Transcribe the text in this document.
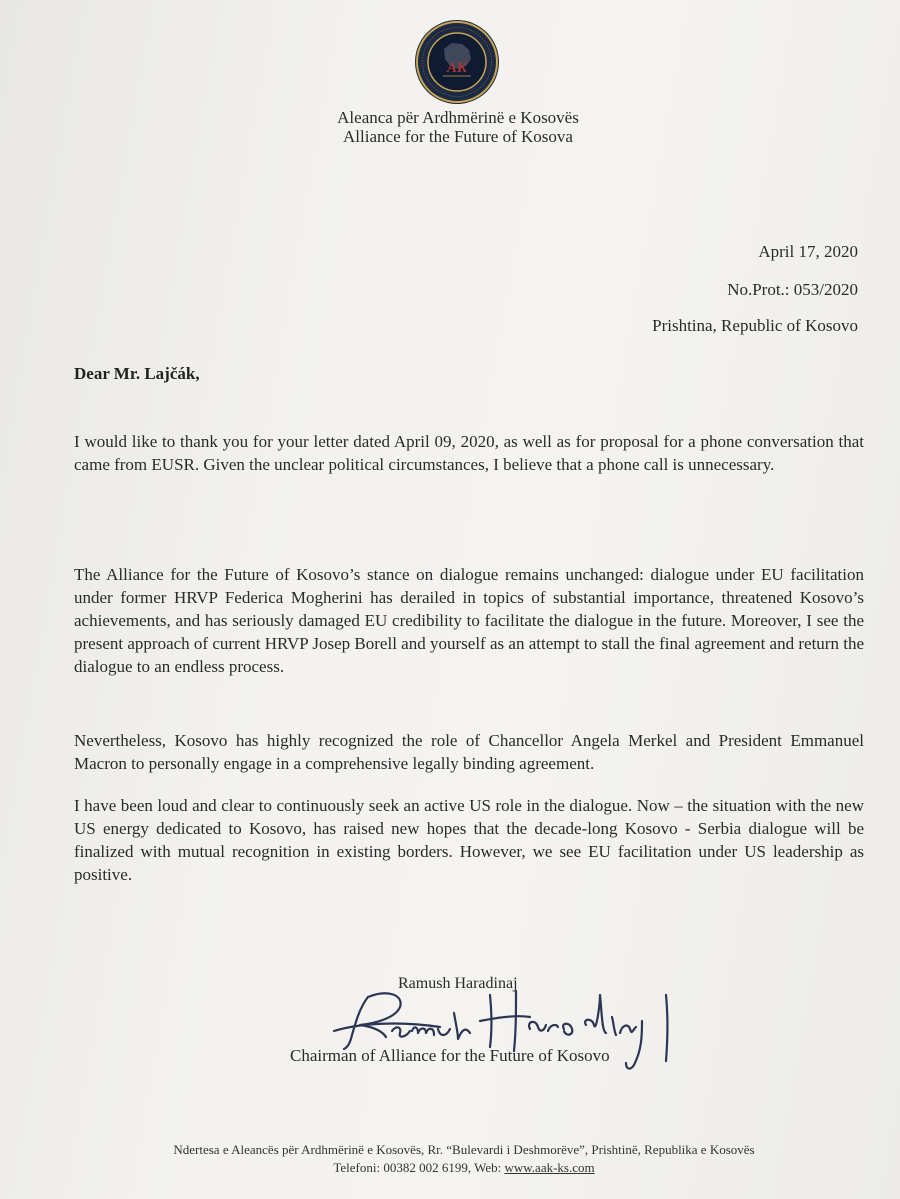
AK
Aleanca për Ardhmërinë e Kosovës
Alliance for the Future of Kosova
April 17, 2020
No.Prot.: 053/2020
Prishtina, Republic of Kosovo
Dear Mr. Lajčák,
I would like to thank you for your letter dated April 09, 2020, as well as for proposal for a phone conversation that came from EUSR. Given the unclear political circumstances, I believe that a phone call is unnecessary.
The Alliance for the Future of Kosovo’s stance on dialogue remains unchanged: dialogue under EU facilitation under former HRVP Federica Mogherini has derailed in topics of substantial importance, threatened Kosovo’s achievements, and has seriously damaged EU credibility to facilitate the dialogue in the future. Moreover, I see the present approach of current HRVP Josep Borell and yourself as an attempt to stall the final agreement and return the dialogue to an endless process.
Nevertheless, Kosovo has highly recognized the role of Chancellor Angela Merkel and President Emmanuel Macron to personally engage in a comprehensive legally binding agreement.
I have been loud and clear to continuously seek an active US role in the dialogue. Now – the situation with the new US energy dedicated to Kosovo, has raised new hopes that the decade-long Kosovo - Serbia dialogue will be finalized with mutual recognition in existing borders. However, we see EU facilitation under US leadership as positive.
Ramush Haradinaj
Chairman of Alliance for the Future of Kosovo
Ndertesa e Aleancës për Ardhmërinë e Kosovës, Rr. “Bulevardi i Deshmorëve”, Prishtinë, Republika e Kosovës
Telefoni: 00382 002 6199, Web: www.aak-ks.com
